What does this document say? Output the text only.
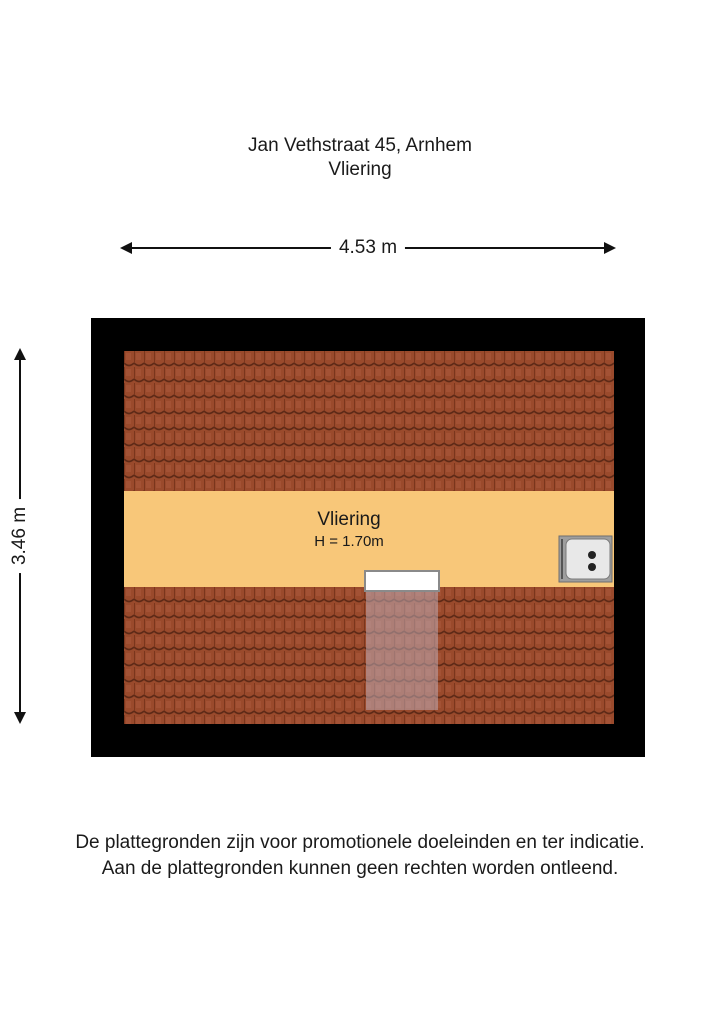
Jan Vethstraat 45, Arnhem
Vliering
4.53 m
3.46 m	Vliering
H = 1.70m
De plattegronden zijn voor promotionele doeleinden en ter indicatie.
Aan de plattegronden kunnen geen rechten worden ontleend.
